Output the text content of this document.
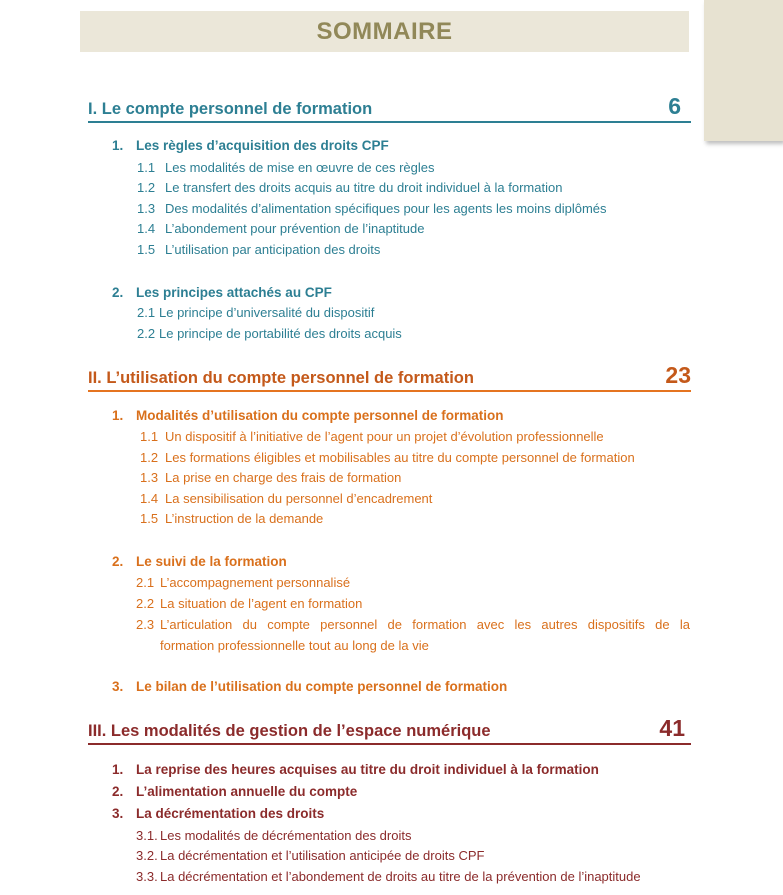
SOMMAIRE
I. Le compte personnel de formation	6
1. Les règles d’acquisition des droits CPF
1.1 Les modalités de mise en œuvre de ces règles
1.2 Le transfert des droits acquis au titre du droit individuel à la formation
1.3 Des modalités d’alimentation spécifiques pour les agents les moins diplômés
1.4 L’abondement pour prévention de l’inaptitude
1.5 L’utilisation par anticipation des droits
2. Les principes attachés au CPF
2.1 Le principe d’universalité du dispositif
2.2 Le principe de portabilité des droits acquis
II. L’utilisation du compte personnel de formation	23
1. Modalités d’utilisation du compte personnel de formation
1.1 Un dispositif à l’initiative de l’agent pour un projet d’évolution professionnelle
1.2 Les formations éligibles et mobilisables au titre du compte personnel de formation
1.3 La prise en charge des frais de formation
1.4 La sensibilisation du personnel d’encadrement
1.5 L’instruction de la demande
2. Le suivi de la formation
2.1 L’accompagnement personnalisé
2.2 La situation de l’agent en formation
2.3 L’articulation du compte personnel de formation avec les autres dispositifs de la
formation professionnelle tout au long de la vie
3. Le bilan de l’utilisation du compte personnel de formation
III. Les modalités de gestion de l’espace numérique	41
1. La reprise des heures acquises au titre du droit individuel à la formation
2. L’alimentation annuelle du compte
3. La décrémentation des droits
3.1. Les modalités de décrémentation des droits
3.2. La décrémentation et l’utilisation anticipée de droits CPF
3.3. La décrémentation et l’abondement de droits au titre de la prévention de l’inaptitude
